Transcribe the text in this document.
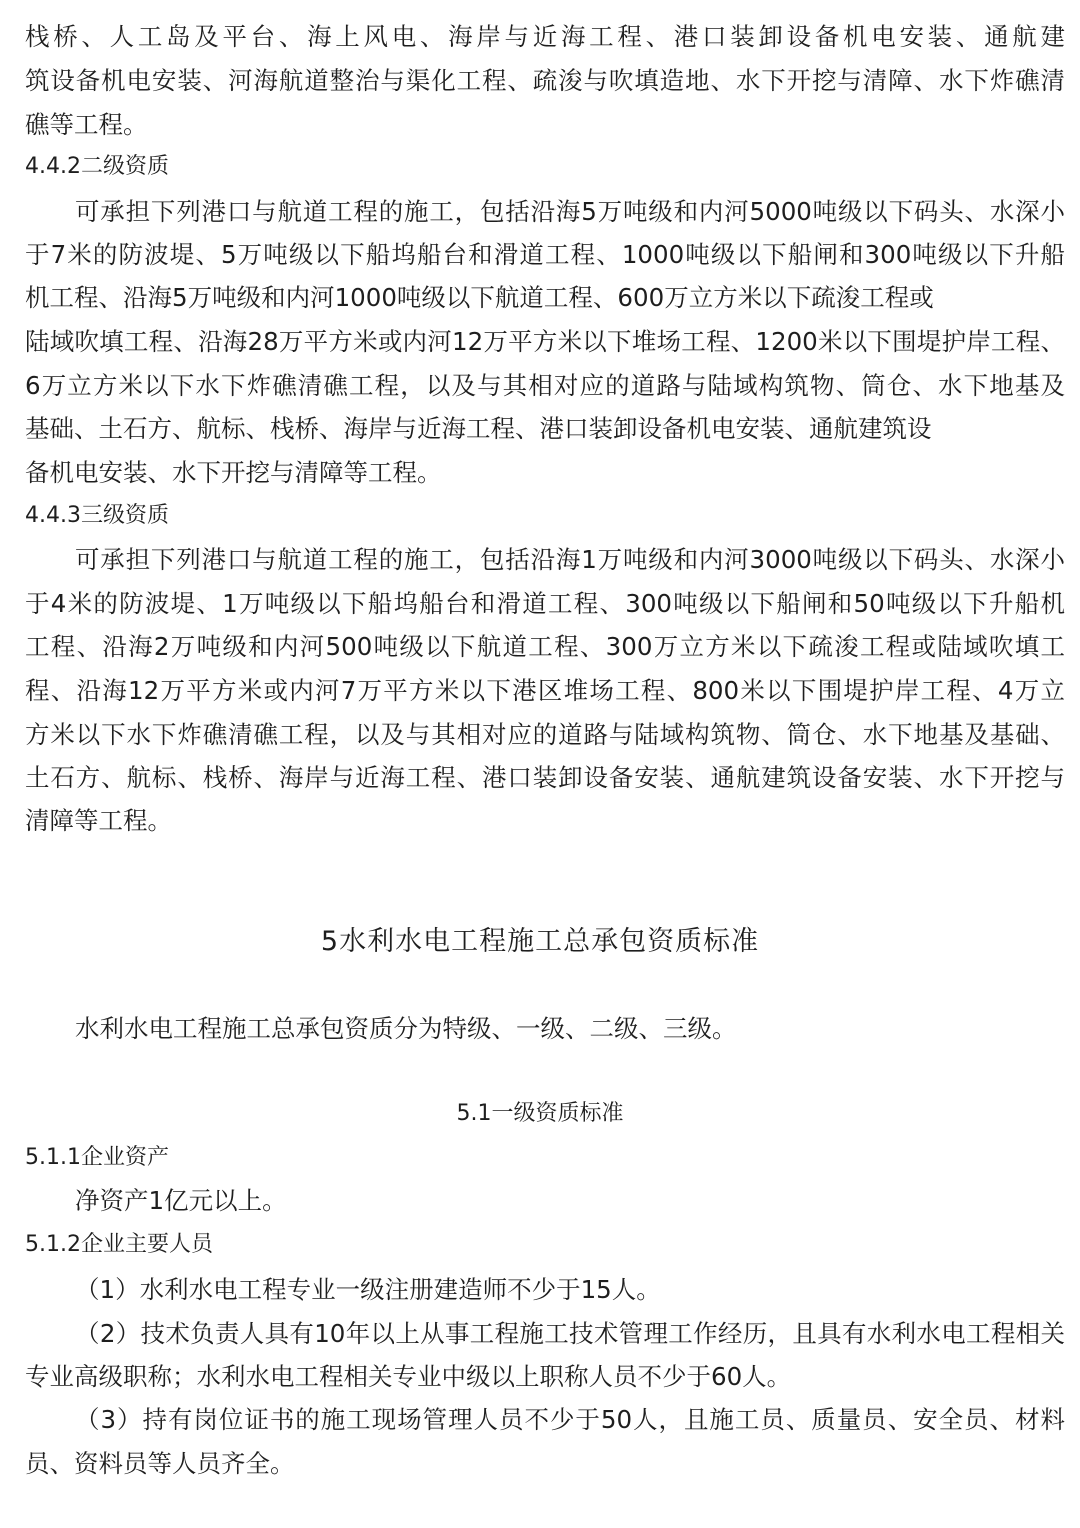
栈桥、人工岛及平台、海上风电、海岸与近海工程、港口装卸设备机电安装、通航建
筑设备机电安装、河海航道整治与渠化工程、疏浚与吹填造地、水下开挖与清障、水下炸礁清
礁等工程。
4.4.2二级资质
可承担下列港口与航道工程的施工，包括沿海5万吨级和内河5000吨级以下码头、水深小
于7米的防波堤、5万吨级以下船坞船台和滑道工程、1000吨级以下船闸和300吨级以下升船
机工程、沿海5万吨级和内河1000吨级以下航道工程、600万立方米以下疏浚工程或
陆域吹填工程、沿海28万平方米或内河12万平方米以下堆场工程、1200米以下围堤护岸工程、
6万立方米以下水下炸礁清礁工程，以及与其相对应的道路与陆域构筑物、筒仓、水下地基及
基础、土石方、航标、栈桥、海岸与近海工程、港口装卸设备机电安装、通航建筑设
备机电安装、水下开挖与清障等工程。
4.4.3三级资质
可承担下列港口与航道工程的施工，包括沿海1万吨级和内河3000吨级以下码头、水深小
于4米的防波堤、1万吨级以下船坞船台和滑道工程、300吨级以下船闸和50吨级以下升船机
工程、沿海2万吨级和内河500吨级以下航道工程、300万立方米以下疏浚工程或陆域吹填工
程、沿海12万平方米或内河7万平方米以下港区堆场工程、800米以下围堤护岸工程、4万立
方米以下水下炸礁清礁工程，以及与其相对应的道路与陆域构筑物、筒仓、水下地基及基础、
土石方、航标、栈桥、海岸与近海工程、港口装卸设备安装、通航建筑设备安装、水下开挖与
清障等工程。
5水利水电工程施工总承包资质标准
水利水电工程施工总承包资质分为特级、一级、二级、三级。
5.1一级资质标准
5.1.1企业资产
净资产1亿元以上。
5.1.2企业主要人员
（1）水利水电工程专业一级注册建造师不少于15人。
（2）技术负责人具有10年以上从事工程施工技术管理工作经历，且具有水利水电工程相关
专业高级职称；水利水电工程相关专业中级以上职称人员不少于60人。
（3）持有岗位证书的施工现场管理人员不少于50人，且施工员、质量员、安全员、材料
员、资料员等人员齐全。
